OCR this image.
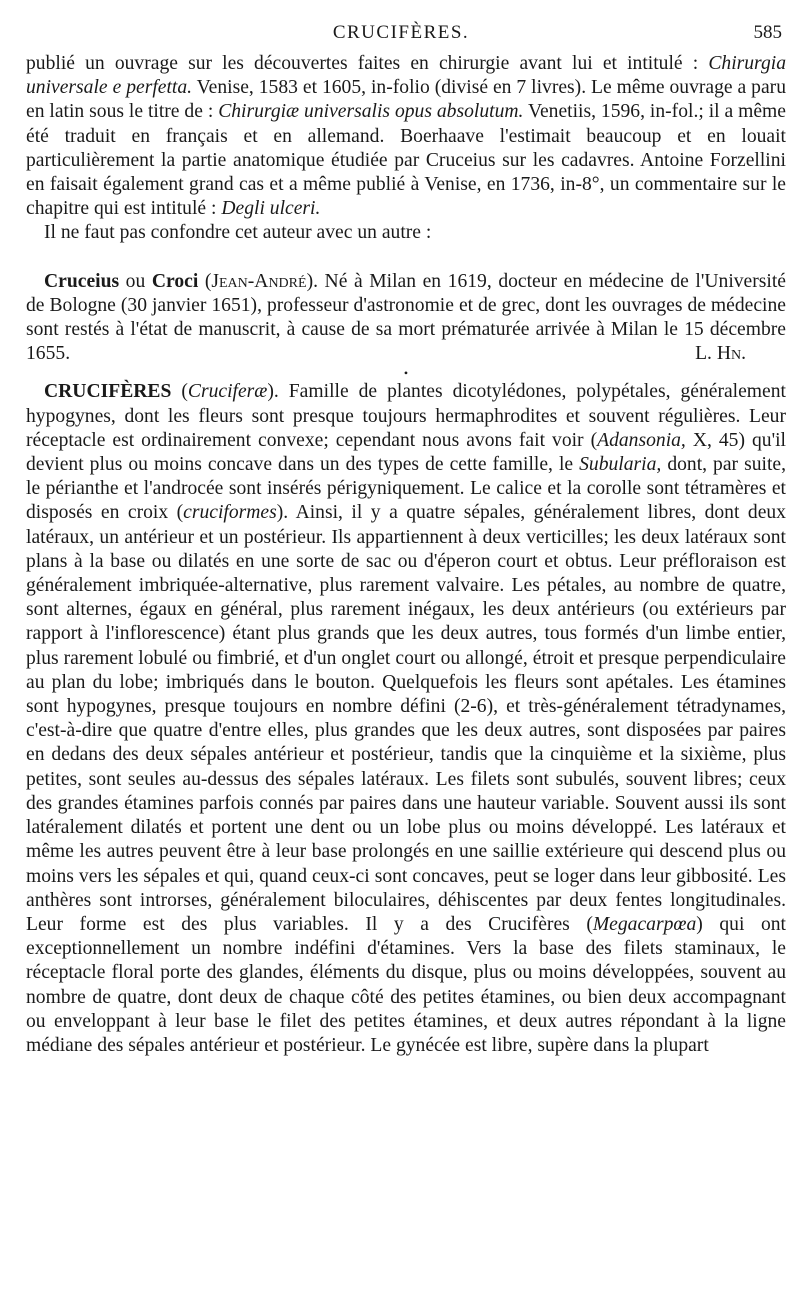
CRUCIFÈRES.	585

publié un ouvrage sur les découvertes faites en chirurgie avant lui et intitulé : Chirurgia universale e perfetta. Venise, 1583 et 1605, in-folio (divisé en 7 livres). Le même ouvrage a paru en latin sous le titre de : Chirurgiæ universalis opus absolutum. Venetiis, 1596, in-fol.; il a même été traduit en français et en allemand. Boerhaave l'estimait beaucoup et en louait particulièrement la partie anatomique étudiée par Cruceius sur les cadavres. Antoine Forzellini en faisait également grand cas et a même publié à Venise, en 1736, in-8°, un commentaire sur le chapitre qui est intitulé : Degli ulceri.

Il ne faut pas confondre cet auteur avec un autre :

Cruceius ou Croci (Jean-André). Né à Milan en 1619, docteur en médecine de l'Université de Bologne (30 janvier 1651), professeur d'astronomie et de grec, dont les ouvrages de médecine sont restés à l'état de manuscrit, à cause de sa mort prématurée arrivée à Milan le 15 décembre 1655.	L. Hn.

•

CRUCIFÈRES (Cruciferæ). Famille de plantes dicotylédones, polypétales, généralement hypogynes, dont les fleurs sont presque toujours hermaphrodites et souvent régulières. Leur réceptacle est ordinairement convexe; cependant nous avons fait voir (Adansonia, X, 45) qu'il devient plus ou moins concave dans un des types de cette famille, le Subularia, dont, par suite, le périanthe et l'androcée sont insérés périgyniquement. Le calice et la corolle sont tétramères et disposés en croix (cruciformes). Ainsi, il y a quatre sépales, généralement libres, dont deux latéraux, un antérieur et un postérieur. Ils appartiennent à deux verticilles; les deux latéraux sont plans à la base ou dilatés en une sorte de sac ou d'éperon court et obtus. Leur préfloraison est généralement imbriquée-alternative, plus rarement valvaire. Les pétales, au nombre de quatre, sont alternes, égaux en général, plus rarement inégaux, les deux antérieurs (ou extérieurs par rapport à l'inflorescence) étant plus grands que les deux autres, tous formés d'un limbe entier, plus rarement lobulé ou fimbrié, et d'un onglet court ou allongé, étroit et presque perpendiculaire au plan du lobe; imbriqués dans le bouton. Quelquefois les fleurs sont apétales. Les étamines sont hypogynes, presque toujours en nombre défini (2-6), et très-généralement tétradynames, c'est-à-dire que quatre d'entre elles, plus grandes que les deux autres, sont disposées par paires en dedans des deux sépales antérieur et postérieur, tandis que la cinquième et la sixième, plus petites, sont seules au-dessus des sépales latéraux. Les filets sont subulés, souvent libres; ceux des grandes étamines parfois connés par paires dans une hauteur variable. Souvent aussi ils sont latéralement dilatés et portent une dent ou un lobe plus ou moins développé. Les latéraux et même les autres peuvent être à leur base prolongés en une saillie extérieure qui descend plus ou moins vers les sépales et qui, quand ceux-ci sont concaves, peut se loger dans leur gibbosité. Les anthères sont introrses, généralement biloculaires, déhiscentes par deux fentes longitudinales. Leur forme est des plus variables. Il y a des Crucifères (Megacarpœa) qui ont exceptionnellement un nombre indéfini d'étamines. Vers la base des filets staminaux, le réceptacle floral porte des glandes, éléments du disque, plus ou moins développées, souvent au nombre de quatre, dont deux de chaque côté des petites étamines, ou bien deux accompagnant ou enveloppant à leur base le filet des petites étamines, et deux autres répondant à la ligne médiane des sépales antérieur et postérieur. Le gynécée est libre, supère dans la plupart
